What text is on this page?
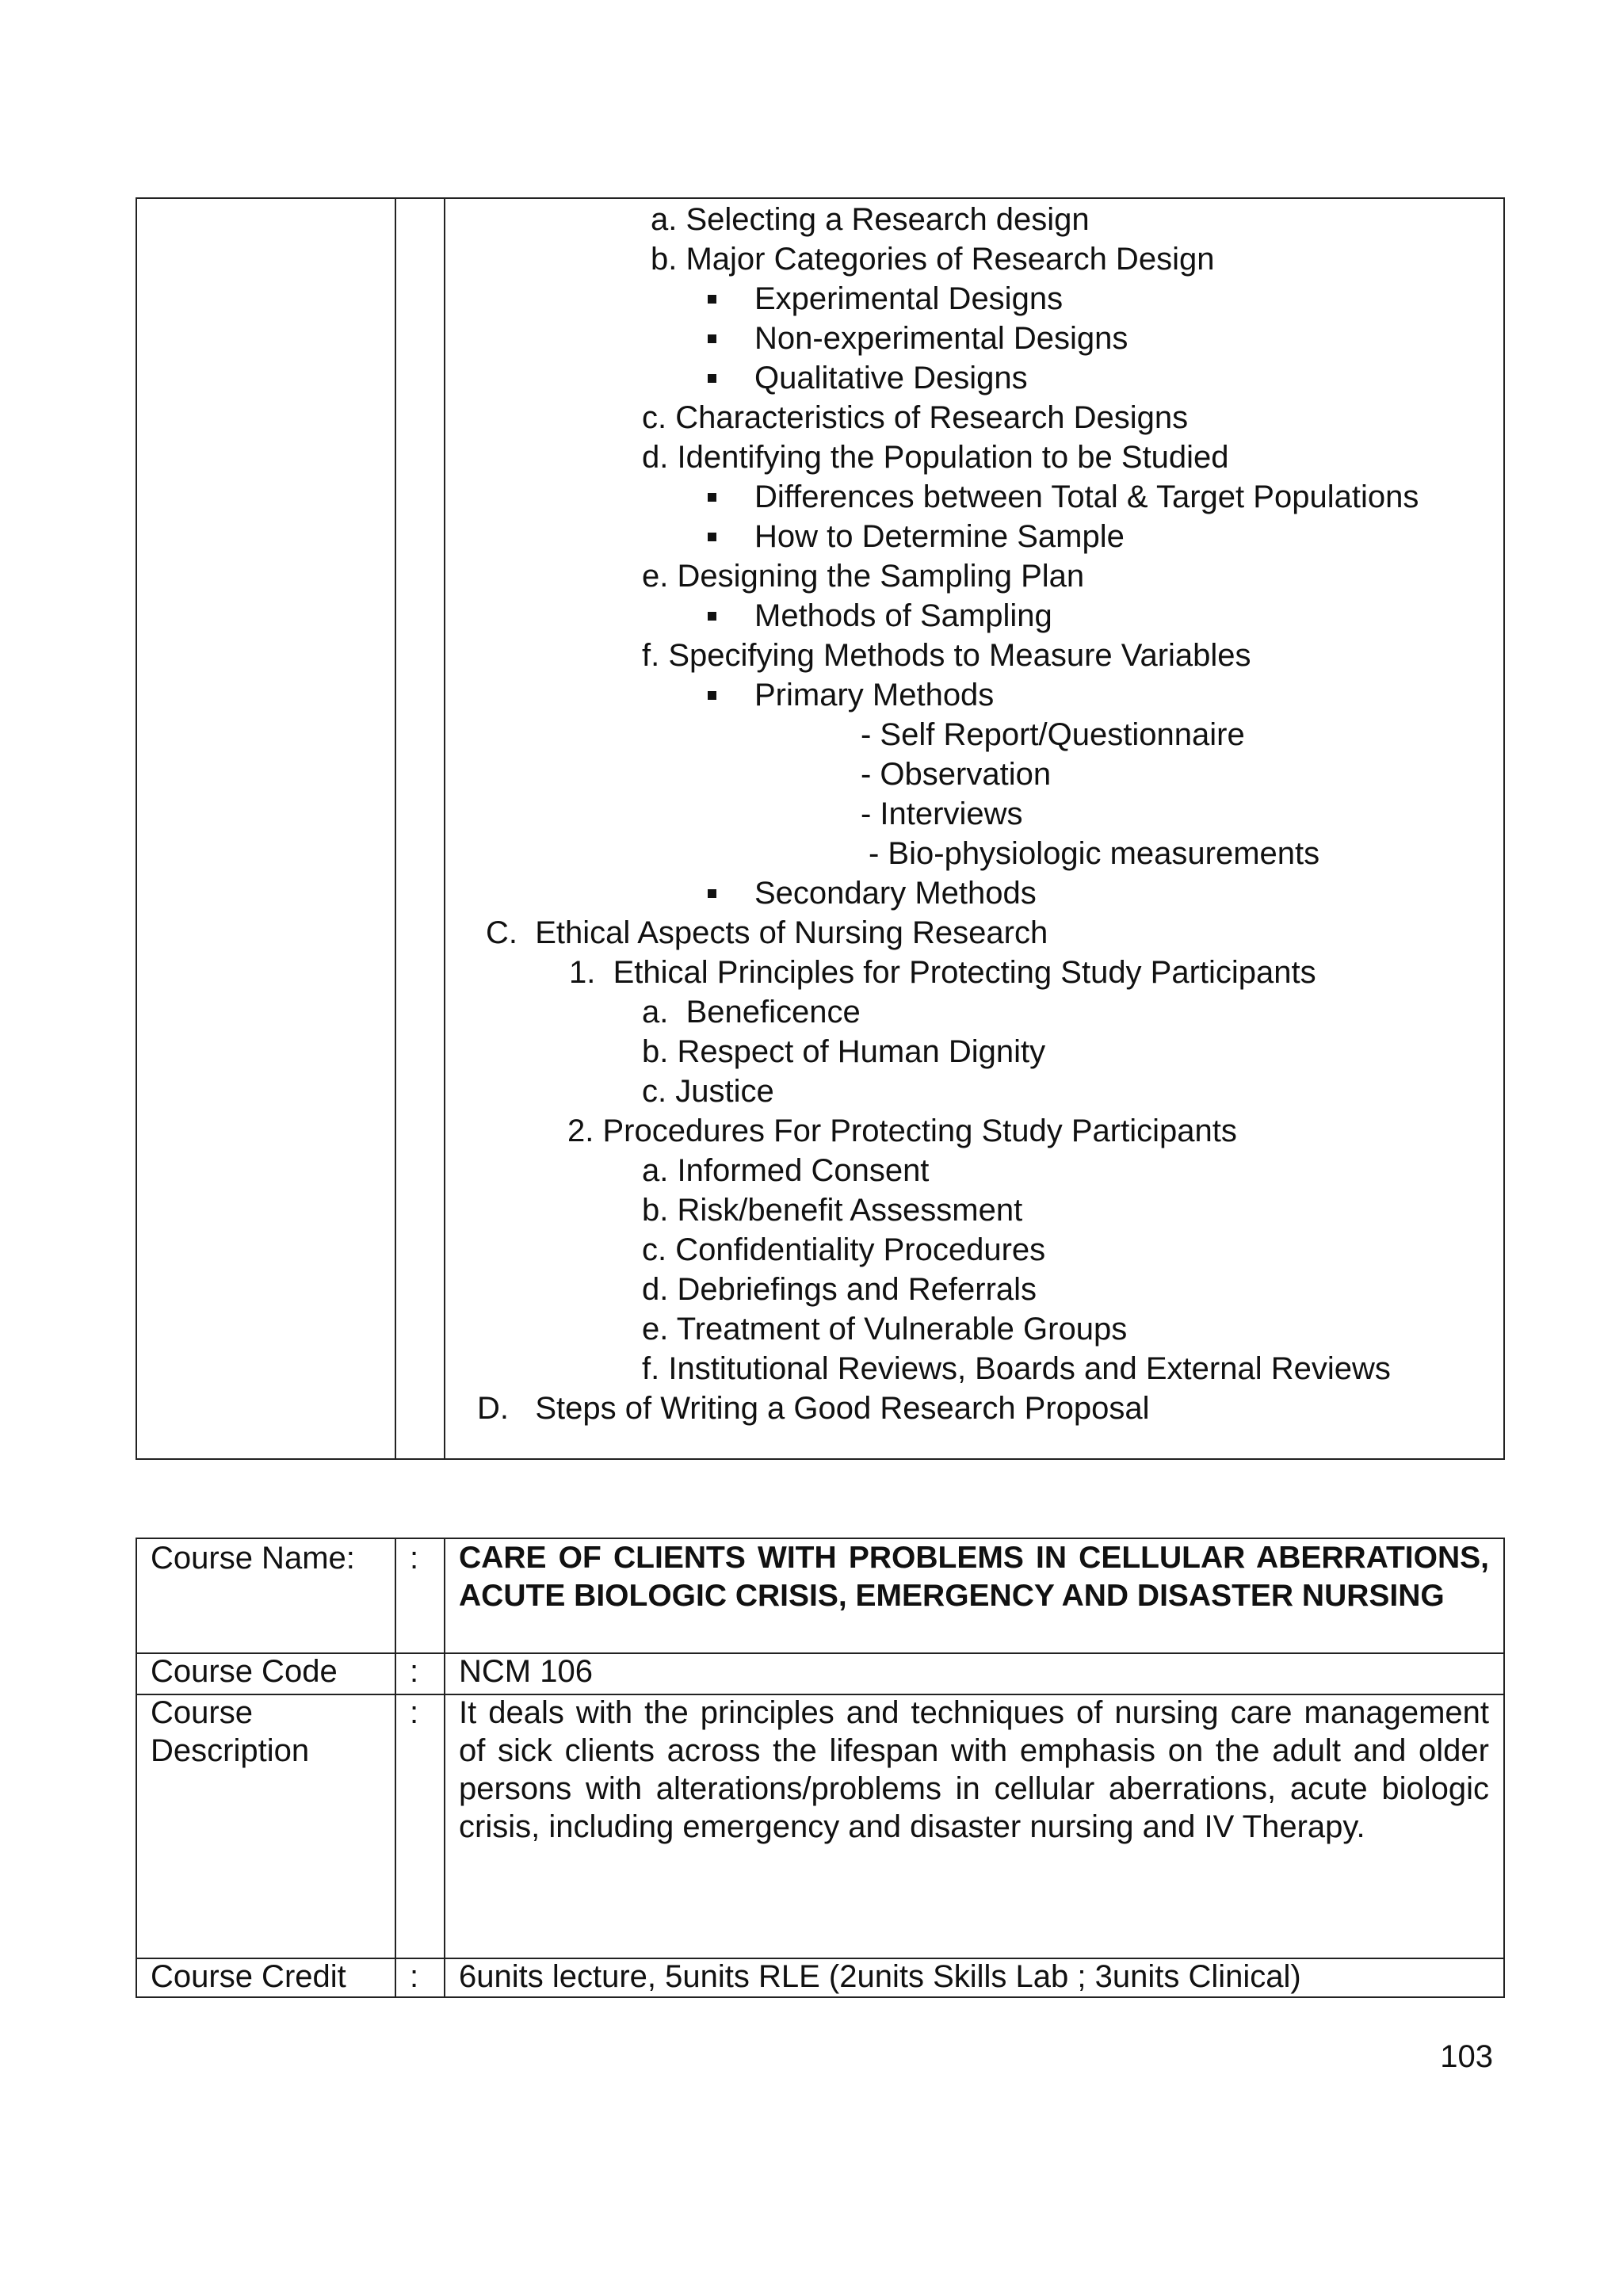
a. Selecting a Research design
b. Major Categories of Research Design
Experimental Designs
Non-experimental Designs
Qualitative Designs
c. Characteristics of Research Designs
d. Identifying the Population to be Studied
Differences between Total & Target Populations
How to Determine Sample
e. Designing the Sampling Plan
Methods of Sampling
f. Specifying Methods to Measure Variables
Primary Methods
- Self Report/Questionnaire
- Observation
- Interviews
- Bio-physiologic measurements
Secondary Methods
C.  Ethical Aspects of Nursing Research
1.  Ethical Principles for Protecting Study Participants
a.  Beneficence
b. Respect of Human Dignity
c. Justice
2. Procedures For Protecting Study Participants
a. Informed Consent
b. Risk/benefit Assessment
c. Confidentiality Procedures
d. Debriefings and Referrals
e. Treatment of Vulnerable Groups
f. Institutional Reviews, Boards and External Reviews
D.   Steps of Writing a Good Research Proposal
Course Name: : CARE OF CLIENTS WITH PROBLEMS IN CELLULAR ABERRATIONS, ACUTE BIOLOGIC CRISIS, EMERGENCY AND DISASTER NURSING
Course Code : NCM 106
Course Description
: It deals with the principles and techniques of nursing care management of sick clients across the lifespan with emphasis on the adult and older persons with alterations/problems in cellular aberrations, acute biologic crisis, including emergency and disaster nursing and IV Therapy.
Course Credit : 6units lecture, 5units RLE (2units Skills Lab ; 3units Clinical)
103
